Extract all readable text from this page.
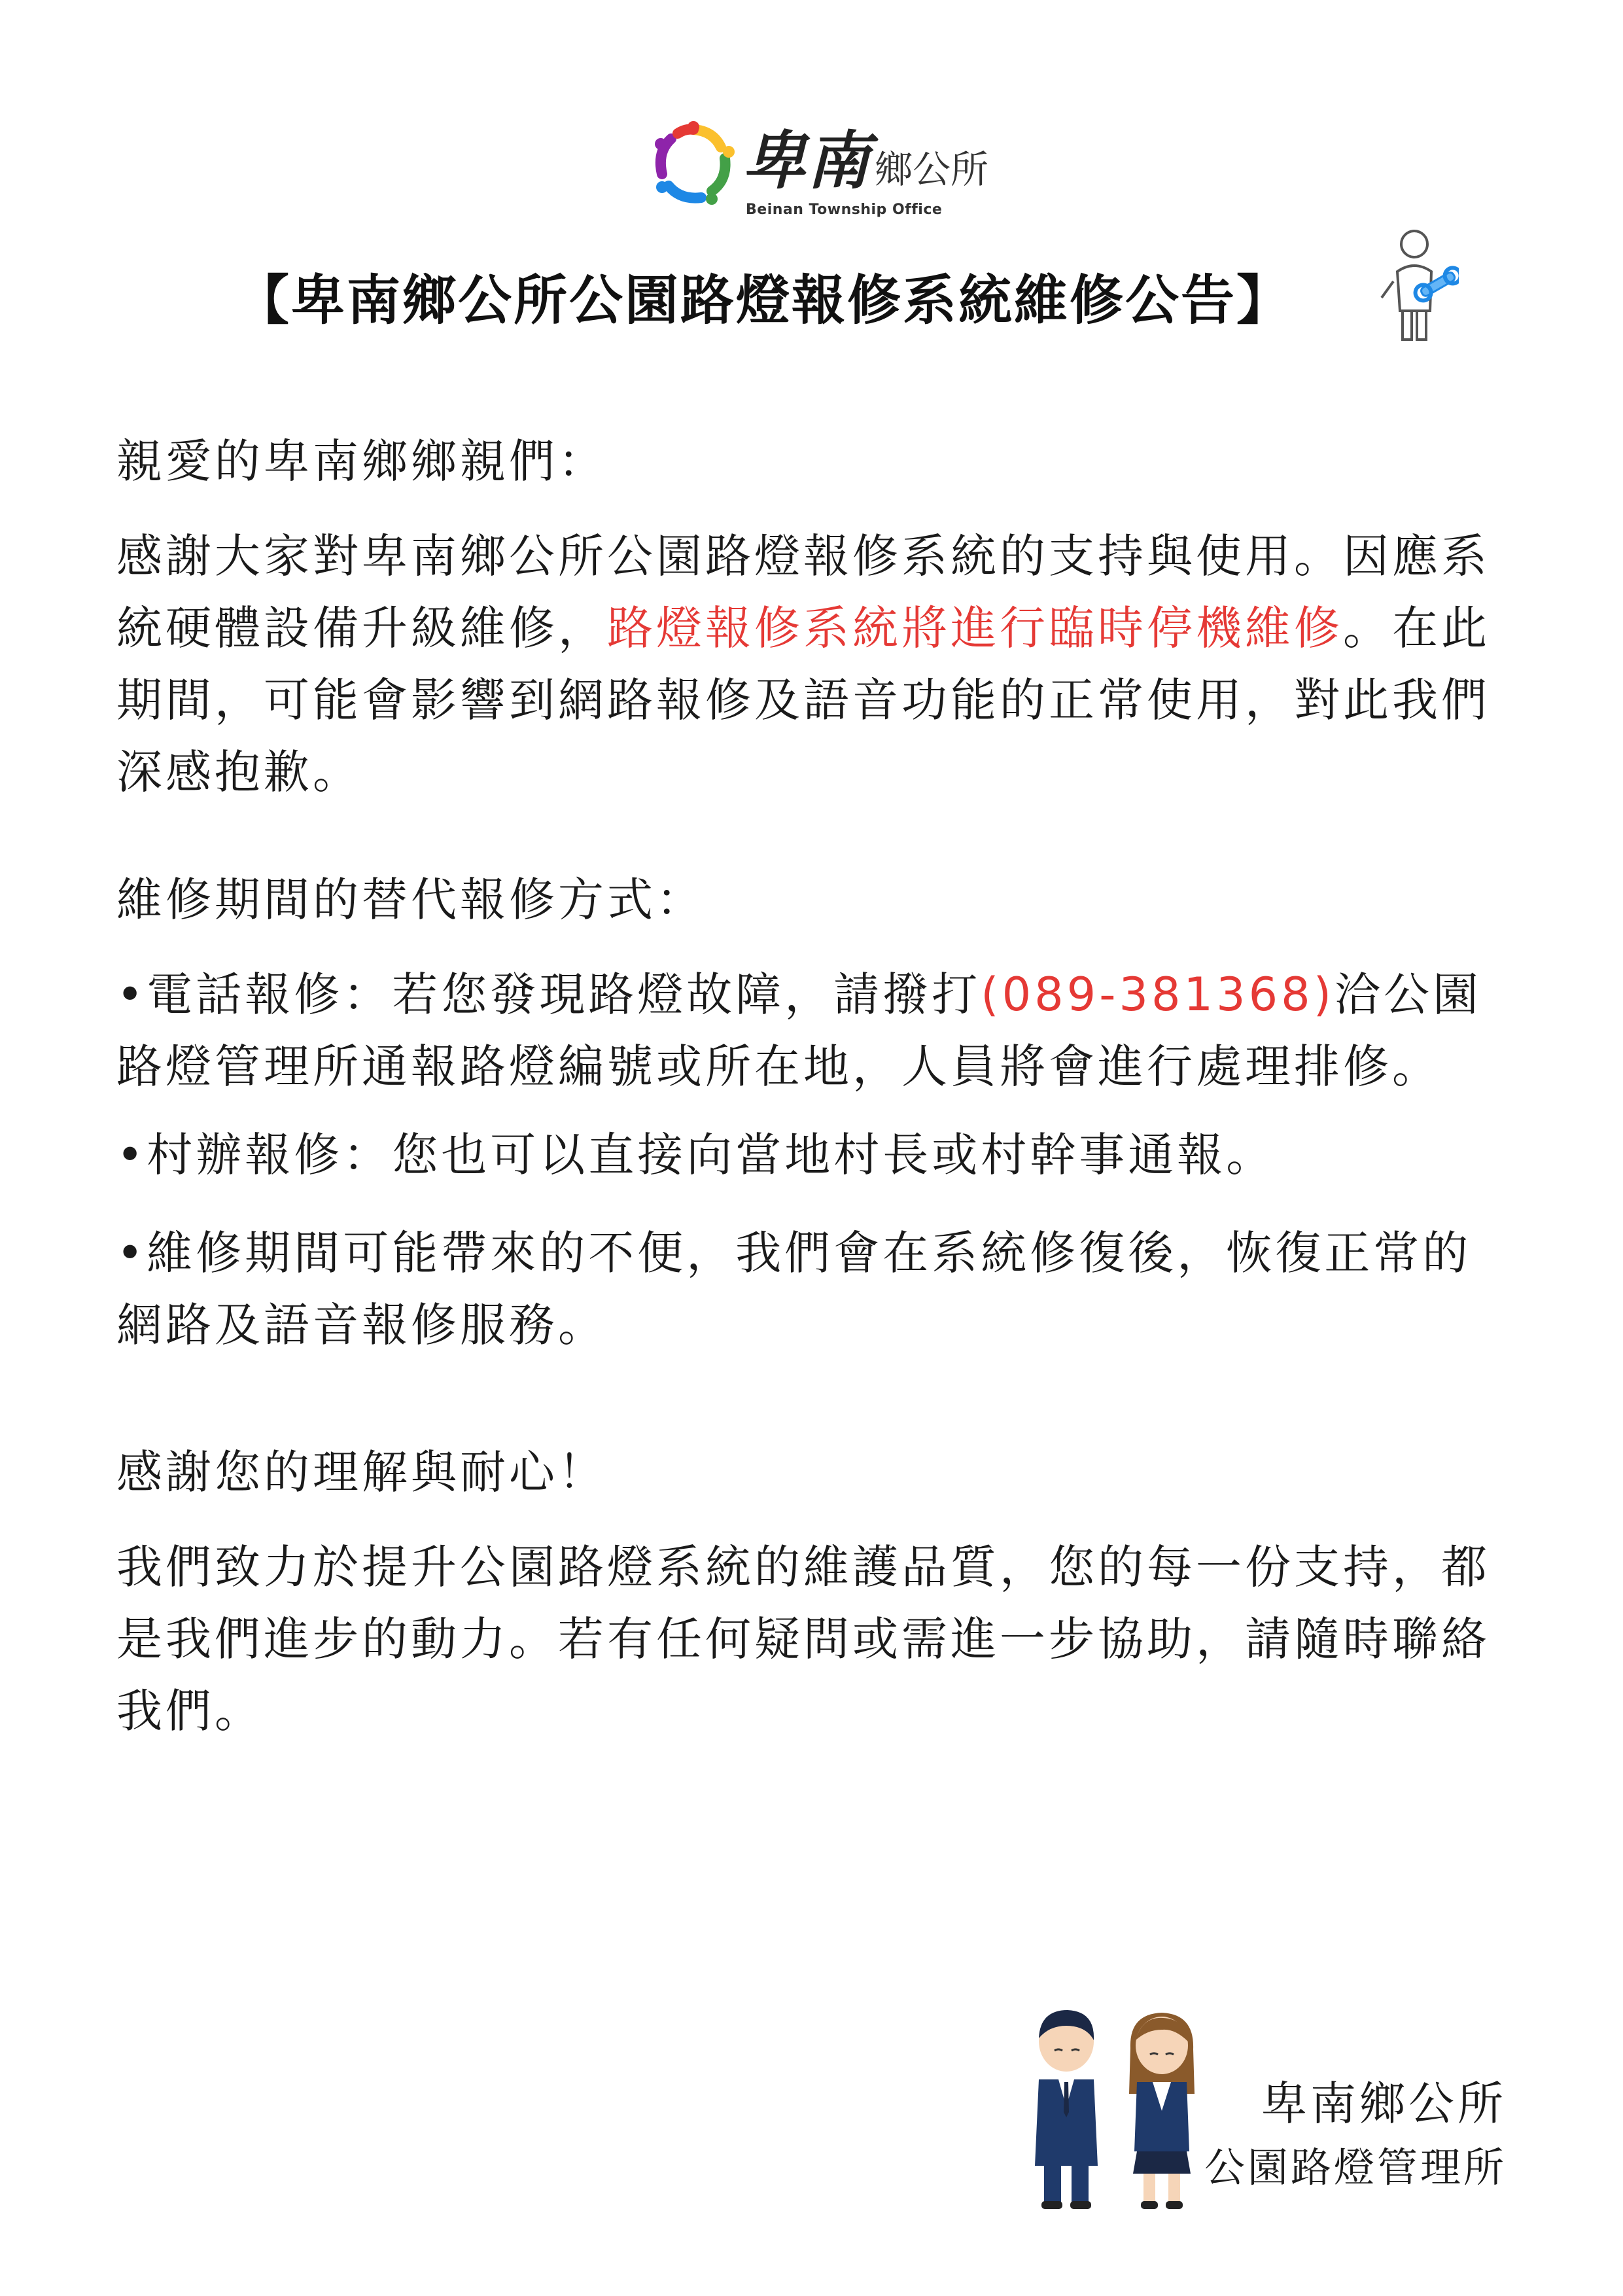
卑南 鄉公所
Beinan Township Office
【卑南鄉公所公園路燈報修系統維修公告】
親愛的卑南鄉鄉親們：
感謝大家對卑南鄉公所公園路燈報修系統的支持與使用。因應系統硬體設備升級維修，路燈報修系統將進行臨時停機維修。在此期間，可能會影響到網路報修及語音功能的正常使用，對此我們深感抱歉。
維修期間的替代報修方式：
•電話報修：若您發現路燈故障，請撥打(089-381368)洽公園路燈管理所通報路燈編號或所在地，人員將會進行處理排修。
•村辦報修：您也可以直接向當地村長或村幹事通報。
•維修期間可能帶來的不便，我們會在系統修復後，恢復正常的網路及語音報修服務。
感謝您的理解與耐心！
我們致力於提升公園路燈系統的維護品質，您的每一份支持，都是我們進步的動力。若有任何疑問或需進一步協助，請隨時聯絡我們。
卑南鄉公所
公園路燈管理所
